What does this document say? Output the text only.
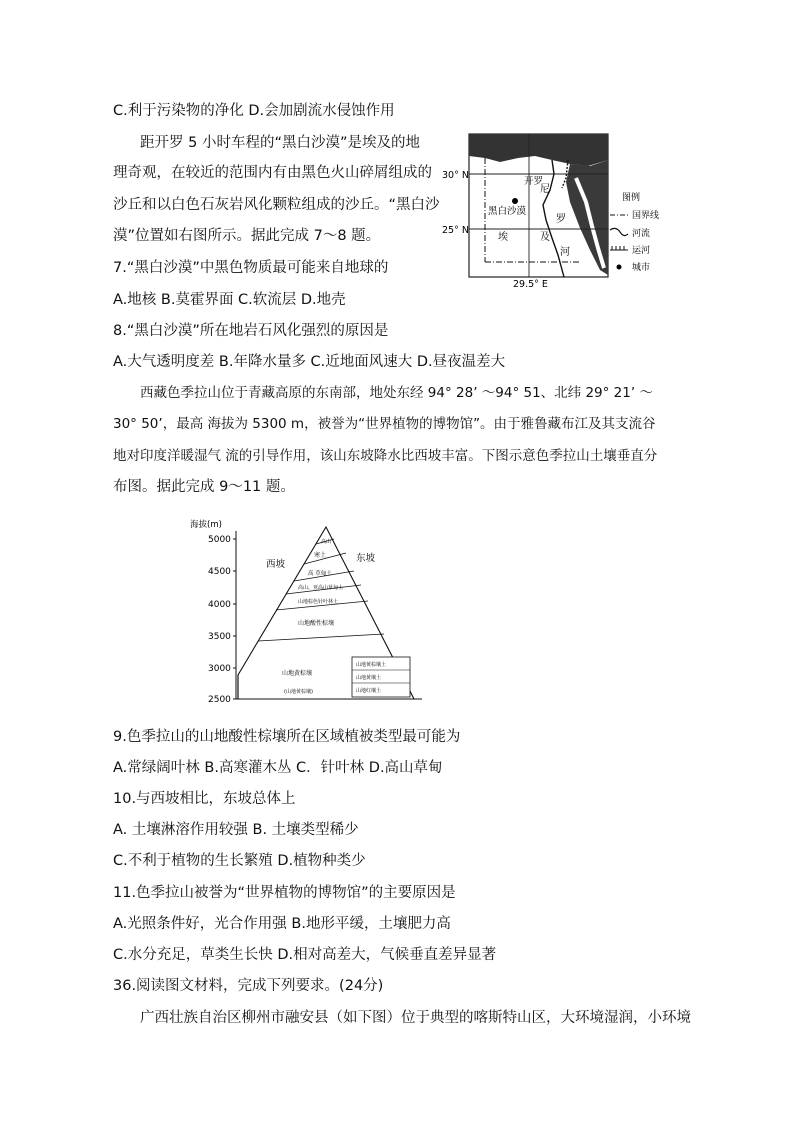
C.利于污染物的净化 D.会加剧流水侵蚀作用
距开罗 5 小时车程的“黑白沙漠”是埃及的地
理奇观，在较近的范围内有由黑色火山碎屑组成的
沙丘和以白色石灰岩风化颗粒组成的沙丘。“黑白沙
漠”位置如右图所示。据此完成 7～8 题。
7.“黑白沙漠”中黑色物质最可能来自地球的
A.地核 B.莫霍界面 C.软流层 D.地壳
8.“黑白沙漠”所在地岩石风化强烈的原因是
A.大气透明度差 B.年降水量多 C.近地面风速大 D.昼夜温差大
西藏色季拉山位于青藏高原的东南部，地处东经 94° 28’ ～94° 51、北纬 29° 21’ ～
30° 50’，最高 海拔为 5300 m，被誉为“世界植物的博物馆”。由于雅鲁藏布江及其支流谷
地对印度洋暖湿气 流的引导作用，该山东坡降水比西坡丰富。下图示意色季拉山土壤垂直分
布图。据此完成 9～11 题。
9.色季拉山的山地酸性棕壤所在区域植被类型最可能为
A.常绿阔叶林 B.高寒灌木丛 C．针叶林 D.高山草甸
10.与西坡相比，东坡总体上
A. 土壤淋溶作用较强 B. 土壤类型稀少
C.不利于植物的生长繁殖 D.植物种类少
11.色季拉山被誉为“世界植物的博物馆”的主要原因是
A.光照条件好，光合作用强 B.地形平缓，土壤肥力高
C.水分充足，草类生长快 D.相对高差大，气候垂直差异显著
36.阅读图文材料，完成下列要求。(24分)
广西壮族自治区柳州市融安县（如下图）位于典型的喀斯特山区，大环境湿润，小环境
30° N
25° N
29.5° E
开罗
黑白沙漠
埃	及
尼
罗
河
图例
国界线
河流
运河
城市
海拔(m)
5000
4500
4000
3500
3000
2500
西坡
东坡
高山
寒土
高 草甸土
高山、亚高山草甸土
山地棕色针叶林土
山地酸性棕壤
山地黄棕壤
(山地黄棕壤)
山地黄棕壤土
山地黄壤土
山地红壤土
